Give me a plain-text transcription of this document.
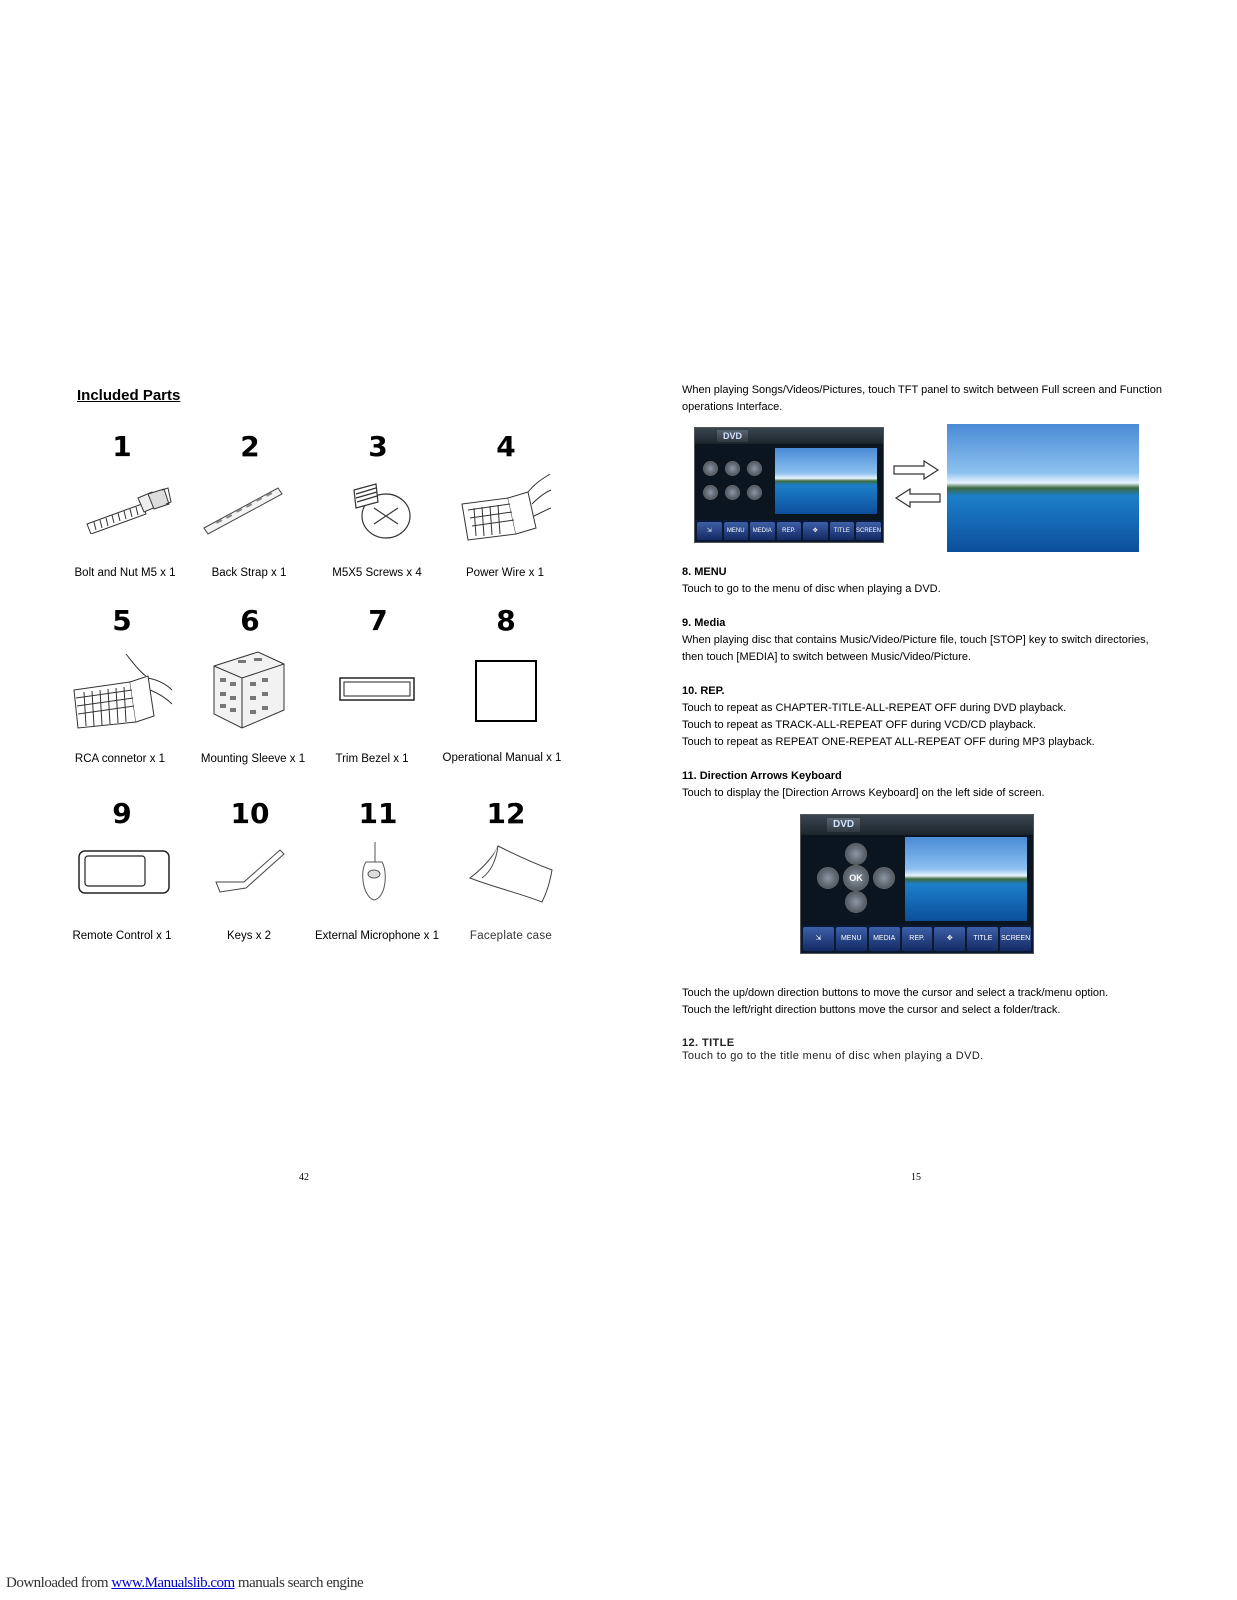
Included Parts
1	2	3	4
Bolt and Nut M5 x 1	Back Strap x 1	M5X5 Screws x 4	Power Wire x 1
5	6	7	8
RCA connetor x 1	Mounting Sleeve x 1	Trim Bezel x 1	Operational Manual x 1
9	10	11	12
Remote Control x 1	Keys x 2	External Microphone x 1	Faceplate case
42
When playing Songs/Videos/Pictures, touch TFT panel to switch between Full screen and Function
operations Interface.
DVD
⇲	MENU	MEDIA	REP.	✥	TITLE	SCREEN
8. MENU
Touch to go to the menu of disc when playing a DVD.
9. Media
When playing disc that contains Music/Video/Picture file, touch [STOP] key to switch directories,
then touch [MEDIA] to switch between Music/Video/Picture.
10. REP.
Touch to repeat as CHAPTER-TITLE-ALL-REPEAT OFF during DVD playback.
Touch to repeat as TRACK-ALL-REPEAT OFF during VCD/CD playback.
Touch to repeat as REPEAT ONE-REPEAT ALL-REPEAT OFF during MP3 playback.
11. Direction Arrows Keyboard
Touch to display the [Direction Arrows Keyboard] on the left side of screen.
DVD
OK
⇲	MENU	MEDIA	REP.	✥	TITLE	SCREEN
Touch the up/down direction buttons to move the cursor and select a track/menu option.
Touch the left/right direction buttons move the cursor and select a folder/track.
12. TITLE
Touch to go to the title menu of disc when playing a DVD.
15
Downloaded from www.Manualslib.com manuals search engine
